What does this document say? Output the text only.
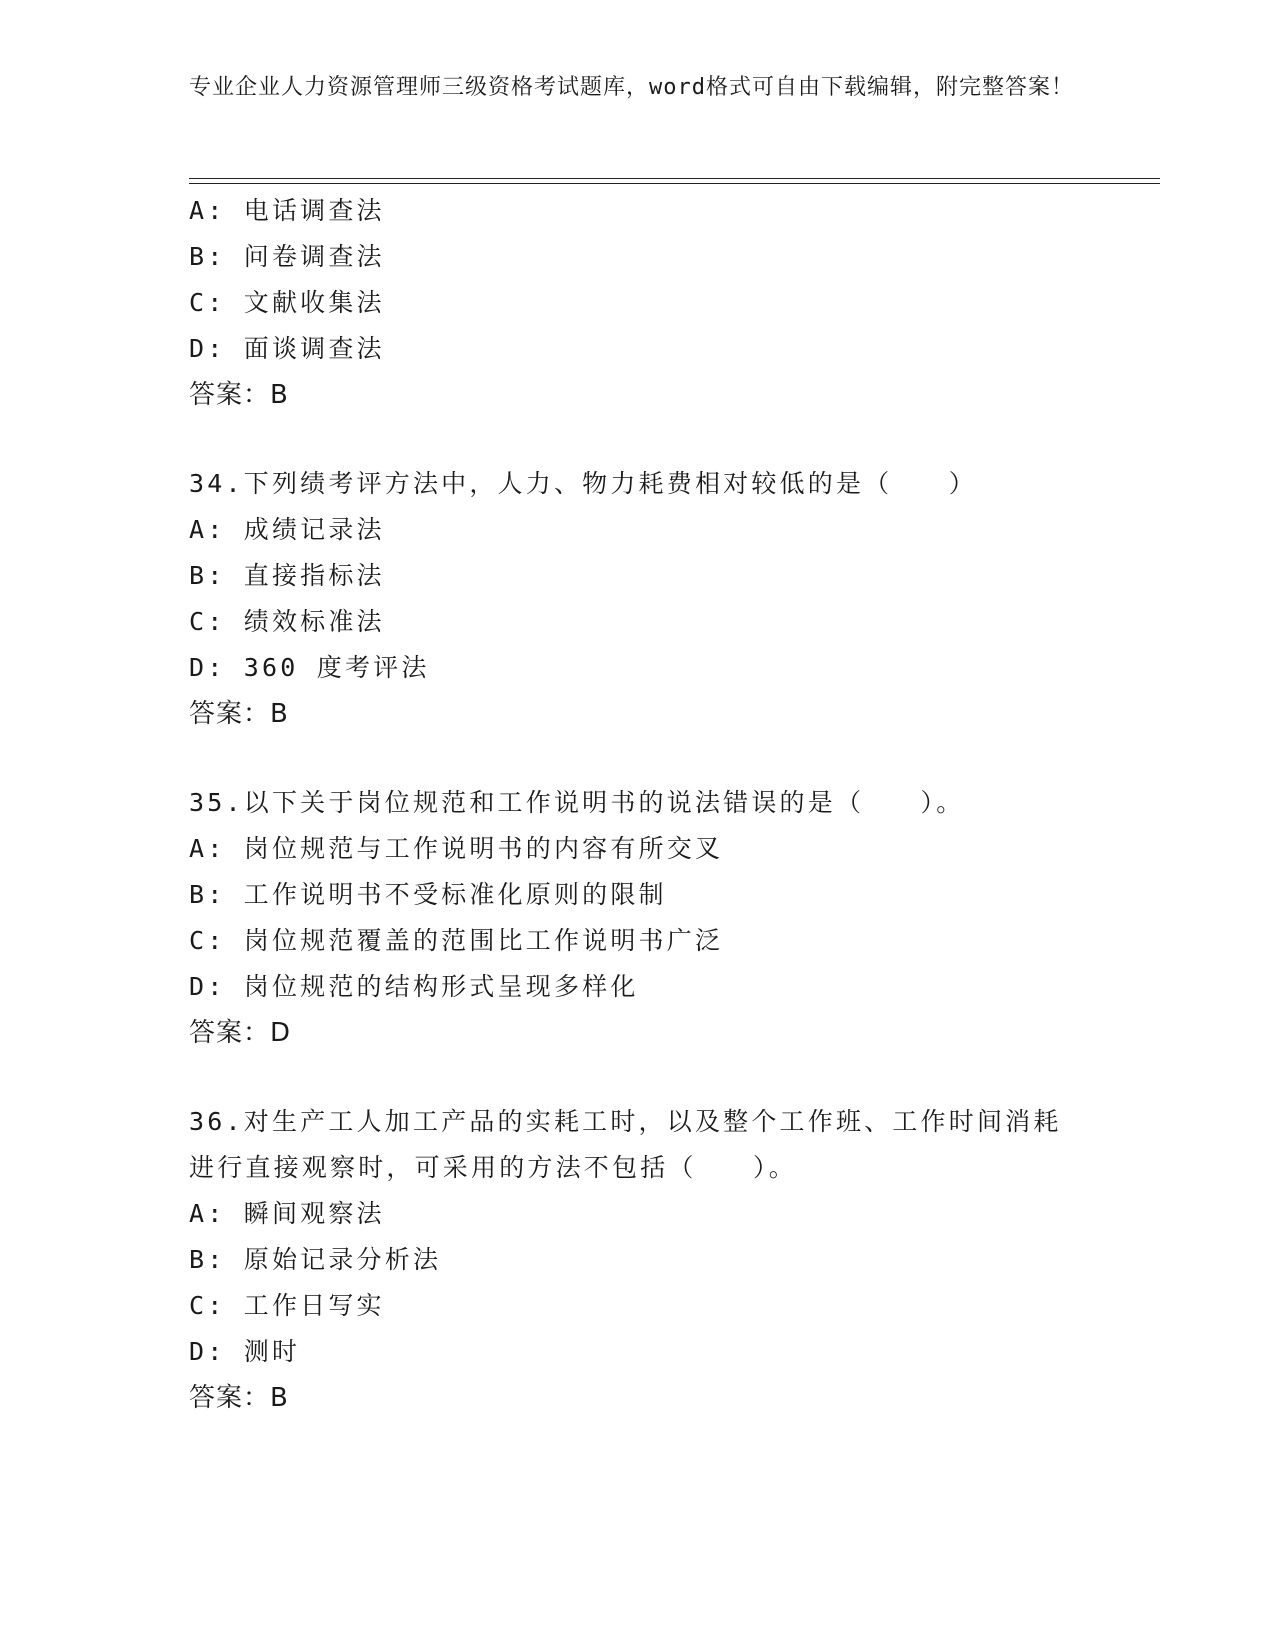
专业企业人力资源管理师三级资格考试题库，word格式可自由下载编辑，附完整答案！
A: 电话调查法
B: 问卷调查法
C: 文献收集法
D: 面谈调查法
答案：B
34.下列绩考评方法中，人力、物力耗费相对较低的是（　　）
A: 成绩记录法
B: 直接指标法
C: 绩效标准法
D: 360 度考评法
答案：B
35.以下关于岗位规范和工作说明书的说法错误的是（　　）。
A: 岗位规范与工作说明书的内容有所交叉
B: 工作说明书不受标准化原则的限制
C: 岗位规范覆盖的范围比工作说明书广泛
D: 岗位规范的结构形式呈现多样化
答案：D
36.对生产工人加工产品的实耗工时，以及整个工作班、工作时间消耗
进行直接观察时，可采用的方法不包括（　　）。
A: 瞬间观察法
B: 原始记录分析法
C: 工作日写实
D: 测时
答案：B
